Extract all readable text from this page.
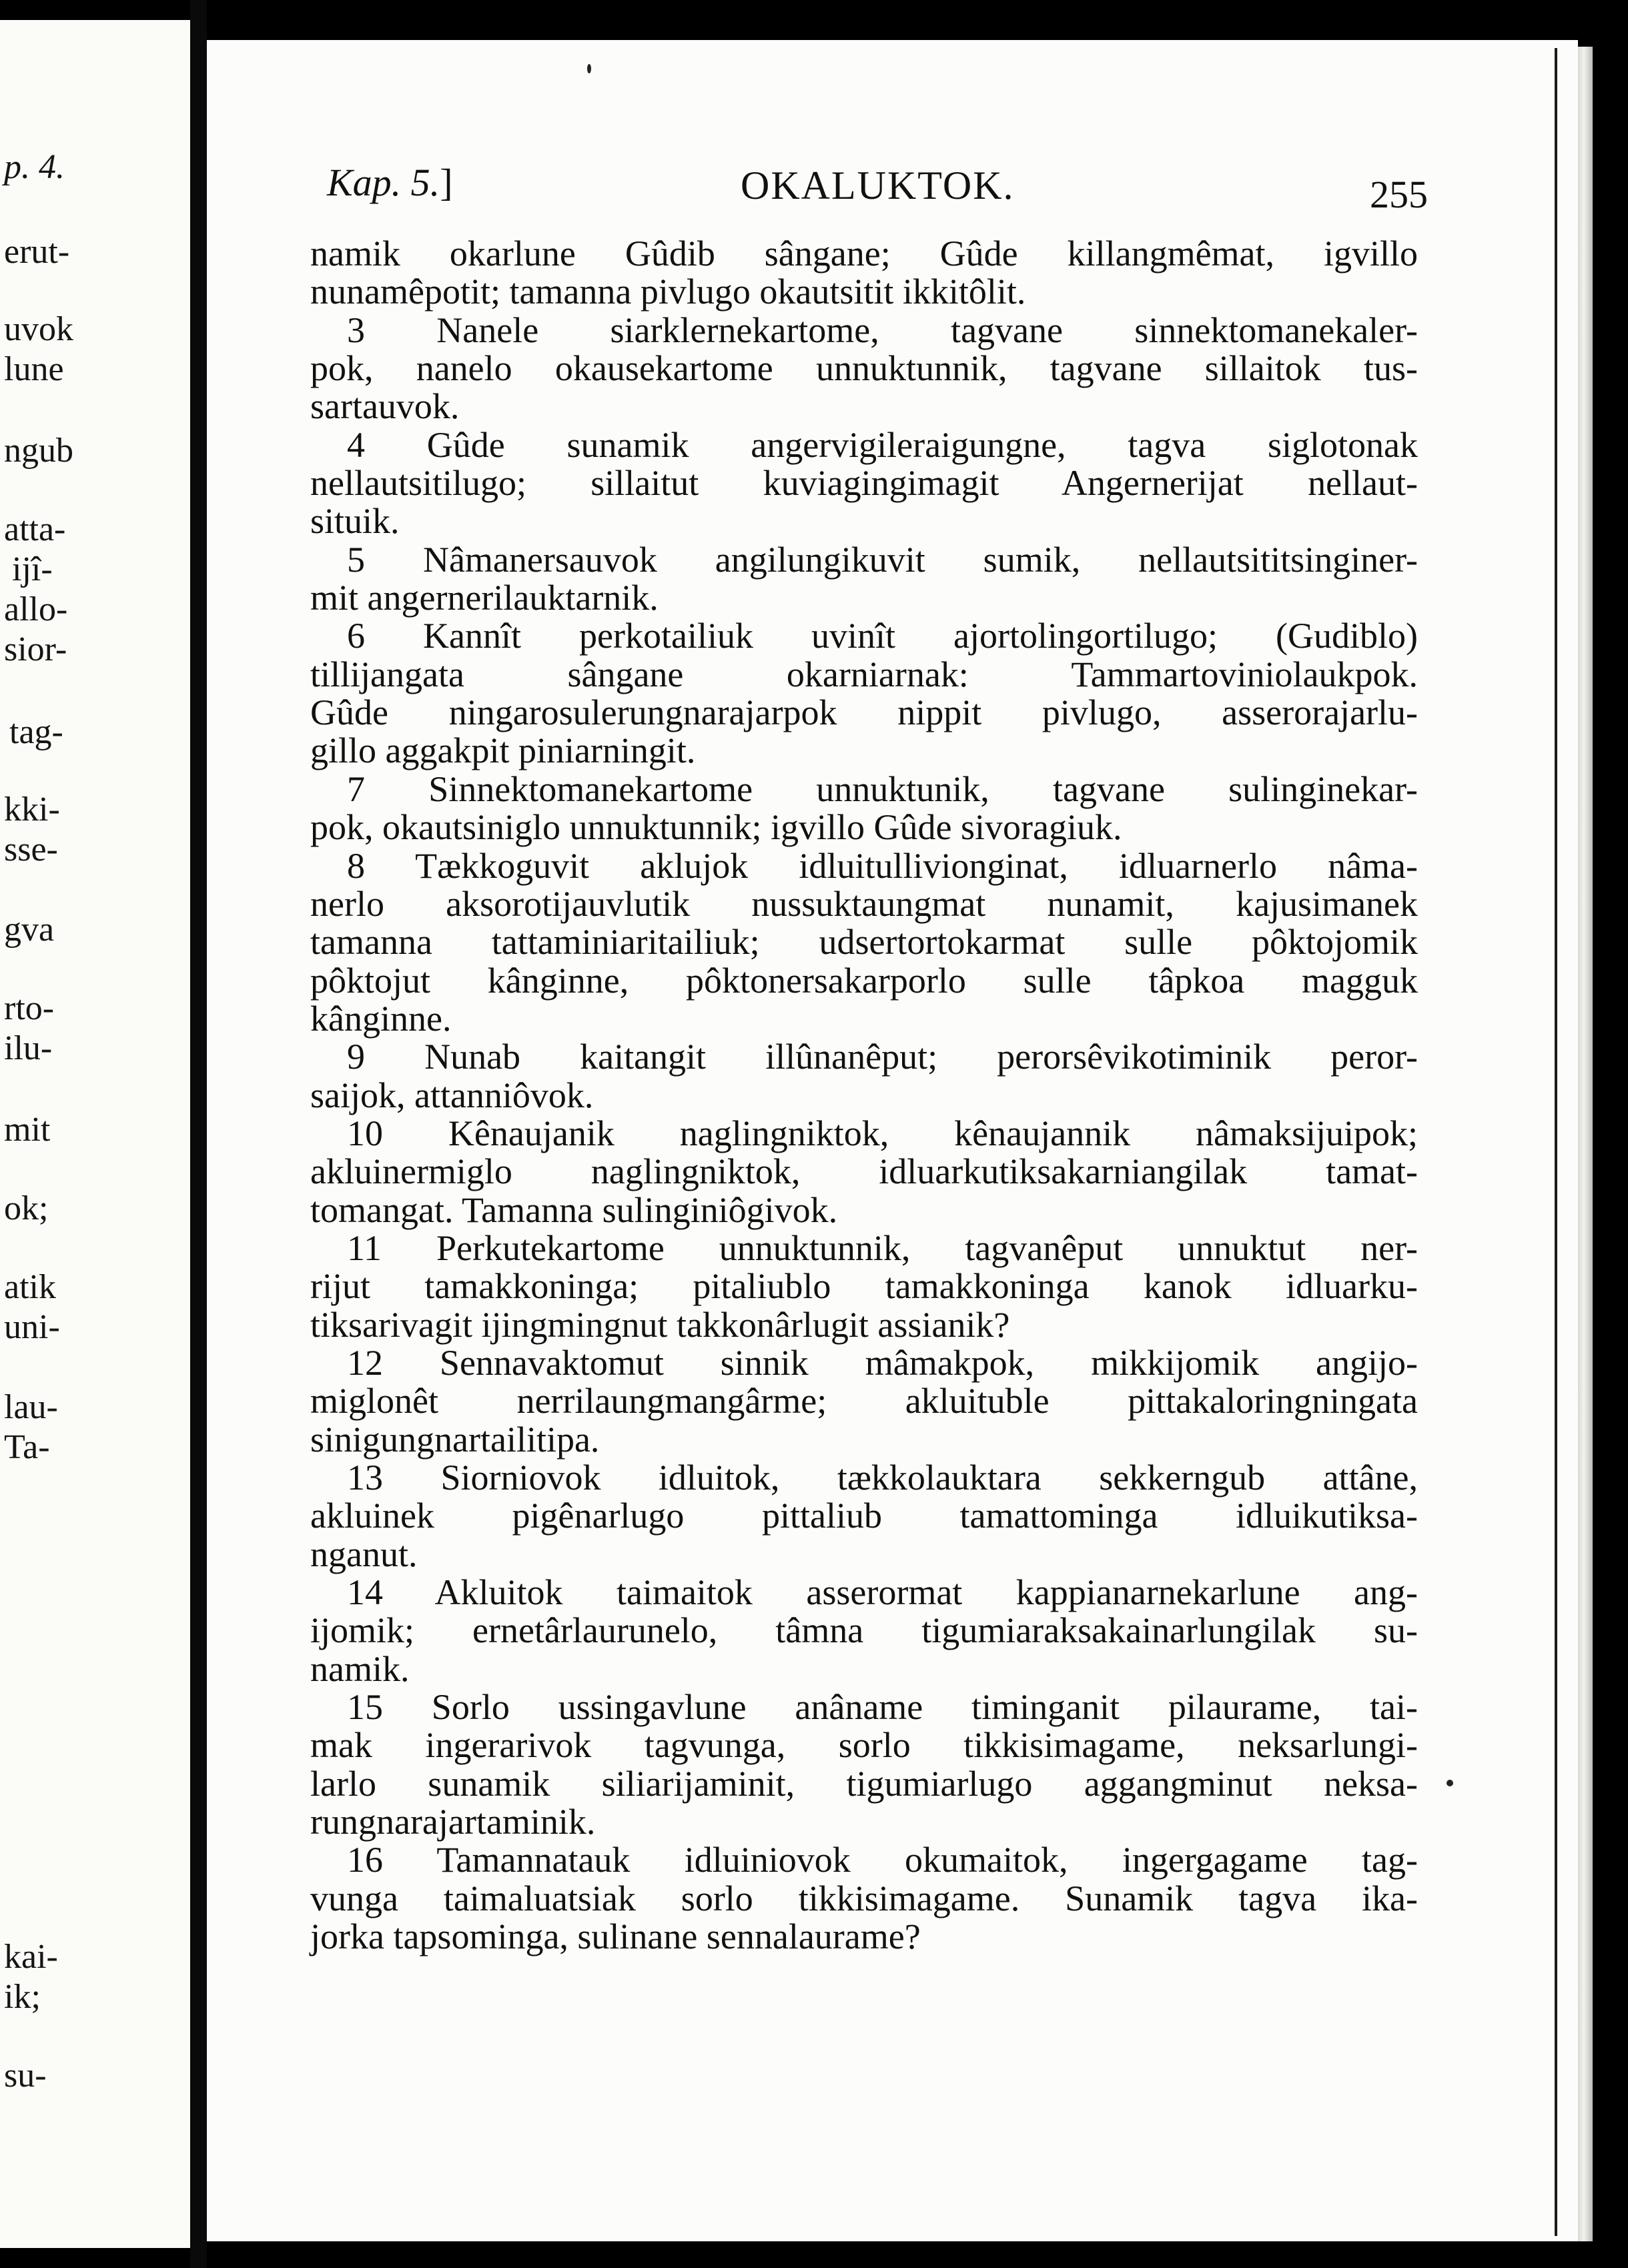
p. 4.
erut-
uvok
lune
ngub
atta-
ijî-
allo-
sior-
tag-
kki-
sse-
gva
rto-
ilu-
mit
ok;
atik
uni-
lau-
Ta-
kai-
ik;
su-
Kap. 5.]	OKALUKTOK.	255
namik okarlune Gûdib sângane; Gûde killangmêmat, igvillo
nunamêpotit; tamanna pivlugo okautsitit ikkitôlit.
3 Nanele siarklernekartome, tagvane sinnektomanekaler-
pok, nanelo okausekartome unnuktunnik, tagvane sillaitok tus-
sartauvok.
4 Gûde sunamik angervigileraigungne, tagva siglotonak
nellautsitilugo; sillaitut kuviagingimagit Angernerijat nellaut-
situik.
5 Nâmanersauvok angilungikuvit sumik, nellautsititsinginer-
mit angernerilauktarnik.
6 Kannît perkotailiuk uvinît ajortolingortilugo; (Gudiblo)
tillijangata sângane okarniarnak: Tammartoviniolaukpok.
Gûde ningarosulerungnarajarpok nippit pivlugo, asserorajarlu-
gillo aggakpit piniarningit.
7 Sinnektomanekartome unnuktunik, tagvane sulinginekar-
pok, okautsiniglo unnuktunnik; igvillo Gûde sivoragiuk.
8 Tækkoguvit aklujok idluitullivionginat, idluarnerlo nâma-
nerlo aksorotijauvlutik nussuktaungmat nunamit, kajusimanek
tamanna tattaminiaritailiuk; udsertortokarmat sulle pôktojomik
pôktojut kânginne, pôktonersakarporlo sulle tâpkoa magguk
kânginne.
9 Nunab kaitangit illûnanêput; perorsêvikotiminik peror-
saijok, attanniôvok.
10 Kênaujanik naglingniktok, kênaujannik nâmaksijuipok;
akluinermiglo naglingniktok, idluarkutiksakarniangilak tamat-
tomangat. Tamanna sulinginiôgivok.
11 Perkutekartome unnuktunnik, tagvanêput unnuktut ner-
rijut tamakkoninga; pitaliublo tamakkoninga kanok idluarku-
tiksarivagit ijingmingnut takkonârlugit assianik?
12 Sennavaktomut sinnik mâmakpok, mikkijomik angijo-
miglonêt nerrilaungmangârme; akluituble pittakaloringningata
sinigungnartailitipa.
13 Siorniovok idluitok, tækkolauktara sekkerngub attâne,
akluinek pigênarlugo pittaliub tamattominga idluikutiksa-
nganut.
14 Akluitok taimaitok asserormat kappianarnekarlune ang-
ijomik; ernetârlaurunelo, tâmna tigumiaraksakainarlungilak su-
namik.
15 Sorlo ussingavlune anâname timinganit pilaurame, tai-
mak ingerarivok tagvunga, sorlo tikkisimagame, neksarlungi-
larlo sunamik siliarijaminit, tigumiarlugo aggangminut neksa-
rungnarajartaminik.
16 Tamannatauk idluiniovok okumaitok, ingergagame tag-
vunga taimaluatsiak sorlo tikkisimagame. Sunamik tagva ika-
jorka tapsominga, sulinane sennalaurame?
